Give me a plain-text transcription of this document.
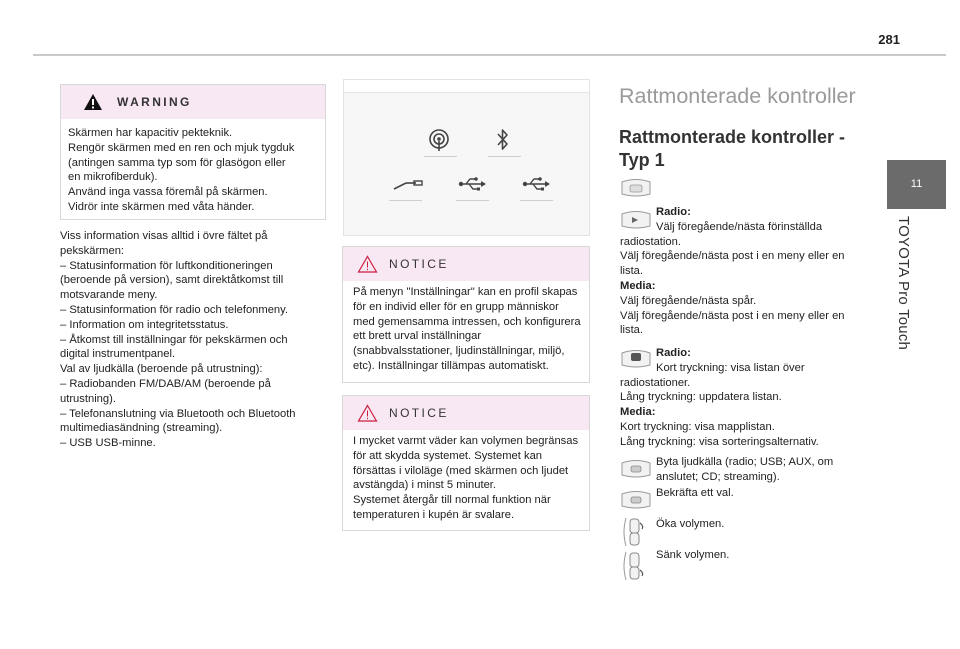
281
11
TOYOTA Pro Touch
WARNING
Skärmen har kapacitiv pekteknik.
Rengör skärmen med en ren och mjuk tygduk
(antingen samma typ som för glasögon eller
en mikrofiberduk).
Använd inga vassa föremål på skärmen.
Vidrör inte skärmen med våta händer.
Viss information visas alltid i övre fältet på
pekskärmen:
– Statusinformation för luftkonditioneringen
(beroende på version), samt direktåtkomst till
motsvarande meny.
– Statusinformation för radio och telefonmeny.
– Information om integritetsstatus.
– Åtkomst till inställningar för pekskärmen och
digital instrumentpanel.
Val av ljudkälla (beroende på utrustning):
– Radiobanden FM/DAB/AM (beroende på
utrustning).
– Telefonanslutning via Bluetooth och Bluetooth
multimediasändning (streaming).
– USB USB-minne.
NOTICE
På menyn "Inställningar" kan en profil skapas
för en individ eller för en grupp människor
med gemensamma intressen, och konfigurera
ett brett urval inställningar
(snabbvalsstationer, ljudinställningar, miljö,
etc). Inställningar tillämpas automatiskt.
NOTICE
I mycket varmt väder kan volymen begränsas
för att skydda systemet. Systemet kan
försättas i viloläge (med skärmen och ljudet
avstängda) i minst 5 minuter.
Systemet återgår till normal funktion när
temperaturen i kupén är svalare.
Rattmonterade kontroller
Rattmonterade kontroller - Typ 1
Radio:
Välj föregående/nästa förinställda
radiostation.
Välj föregående/nästa post i en meny eller en
lista.
Media:
Välj föregående/nästa spår.
Välj föregående/nästa post i en meny eller en
lista.
Radio:
Kort tryckning: visa listan över
radiostationer.
Lång tryckning: uppdatera listan.
Media:
Kort tryckning: visa mapplistan.
Lång tryckning: visa sorteringsalternativ.
Byta ljudkälla (radio; USB; AUX, om
anslutet; CD; streaming).
Bekräfta ett val.
Öka volymen.
Sänk volymen.
